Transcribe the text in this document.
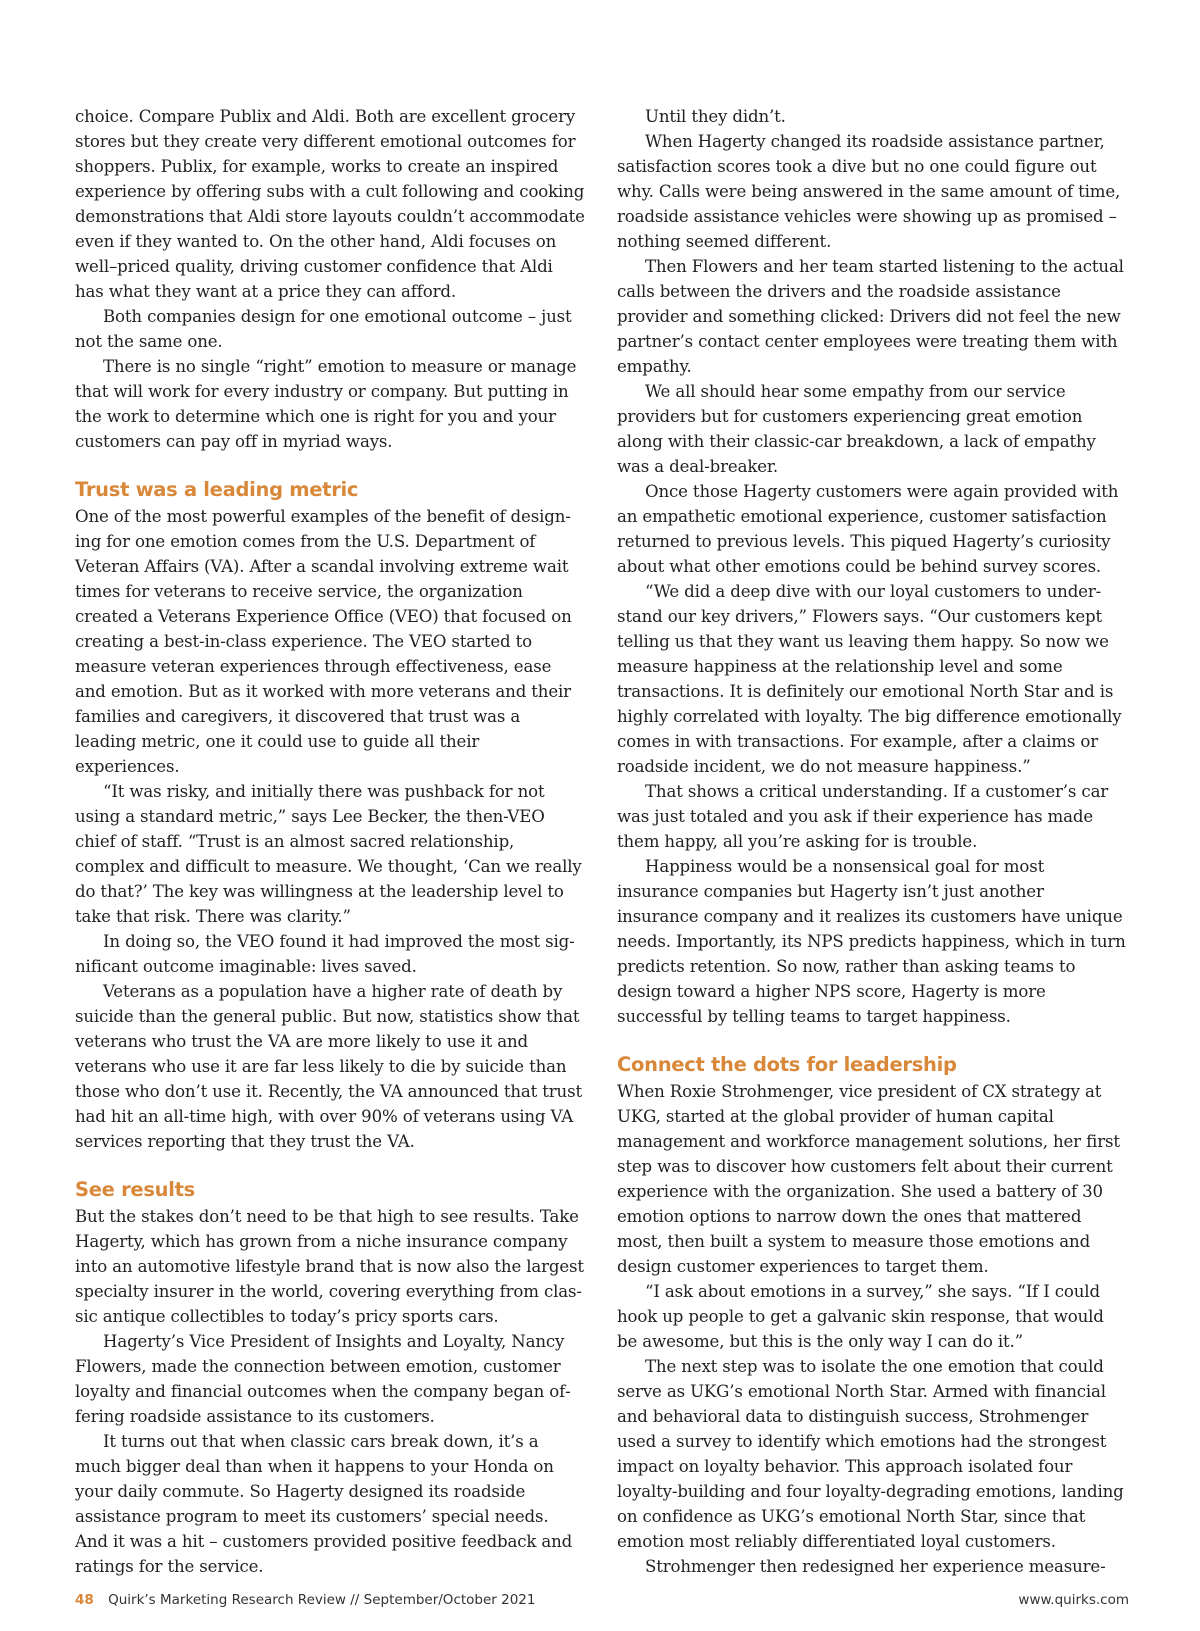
choice. Compare Publix and Aldi. Both are excellent grocery stores but they create very different emotional outcomes for shoppers. Publix, for example, works to create an inspired experience by offering subs with a cult following and cooking demonstrations that Aldi store layouts couldn’t accommodate even if they wanted to. On the other hand, Aldi focuses on well–priced quality, driving customer confidence that Aldi has what they want at a price they can afford.

Both companies design for one emotional outcome – just not the same one.

There is no single “right” emotion to measure or manage that will work for every industry or company. But putting in the work to determine which one is right for you and your customers can pay off in myriad ways.

Trust was a leading metric

One of the most powerful examples of the benefit of designing for one emotion comes from the U.S. Department of Veteran Affairs (VA). After a scandal involving extreme wait times for veterans to receive service, the organization created a Veterans Experience Office (VEO) that focused on creating a best-in-class experience. The VEO started to measure veteran experiences through effectiveness, ease and emotion. But as it worked with more veterans and their families and caregivers, it discovered that trust was a leading metric, one it could use to guide all their experiences.

“It was risky, and initially there was pushback for not using a standard metric,” says Lee Becker, the then-VEO chief of staff. “Trust is an almost sacred relationship, complex and difficult to measure. We thought, ‘Can we really do that?’ The key was willingness at the leadership level to take that risk. There was clarity.”

In doing so, the VEO found it had improved the most significant outcome imaginable: lives saved.

Veterans as a population have a higher rate of death by suicide than the general public. But now, statistics show that veterans who trust the VA are more likely to use it and veterans who use it are far less likely to die by suicide than those who don’t use it. Recently, the VA announced that trust had hit an all-time high, with over 90% of veterans using VA services reporting that they trust the VA.

See results

But the stakes don’t need to be that high to see results. Take Hagerty, which has grown from a niche insurance company into an automotive lifestyle brand that is now also the largest specialty insurer in the world, covering everything from classic antique collectibles to today’s pricy sports cars.

Hagerty’s Vice President of Insights and Loyalty, Nancy Flowers, made the connection between emotion, customer loyalty and financial outcomes when the company began offering roadside assistance to its customers.

It turns out that when classic cars break down, it’s a much bigger deal than when it happens to your Honda on your daily commute. So Hagerty designed its roadside assistance program to meet its customers’ special needs. And it was a hit – customers provided positive feedback and ratings for the service.

Until they didn’t.

When Hagerty changed its roadside assistance partner, satisfaction scores took a dive but no one could figure out why. Calls were being answered in the same amount of time, roadside assistance vehicles were showing up as promised – nothing seemed different.

Then Flowers and her team started listening to the actual calls between the drivers and the roadside assistance provider and something clicked: Drivers did not feel the new partner’s contact center employees were treating them with empathy.

We all should hear some empathy from our service providers but for customers experiencing great emotion along with their classic-car breakdown, a lack of empathy was a deal-breaker.

Once those Hagerty customers were again provided with an empathetic emotional experience, customer satisfaction returned to previous levels. This piqued Hagerty’s curiosity about what other emotions could be behind survey scores.

“We did a deep dive with our loyal customers to understand our key drivers,” Flowers says. “Our customers kept telling us that they want us leaving them happy. So now we measure happiness at the relationship level and some transactions. It is definitely our emotional North Star and is highly correlated with loyalty. The big difference emotionally comes in with transactions. For example, after a claims or roadside incident, we do not measure happiness.”

That shows a critical understanding. If a customer’s car was just totaled and you ask if their experience has made them happy, all you’re asking for is trouble.

Happiness would be a nonsensical goal for most insurance companies but Hagerty isn’t just another insurance company and it realizes its customers have unique needs. Importantly, its NPS predicts happiness, which in turn predicts retention. So now, rather than asking teams to design toward a higher NPS score, Hagerty is more successful by telling teams to target happiness.

Connect the dots for leadership

When Roxie Strohmenger, vice president of CX strategy at UKG, started at the global provider of human capital management and workforce management solutions, her first step was to discover how customers felt about their current experience with the organization. She used a battery of 30 emotion options to narrow down the ones that mattered most, then built a system to measure those emotions and design customer experiences to target them.

“I ask about emotions in a survey,” she says. “If I could hook up people to get a galvanic skin response, that would be awesome, but this is the only way I can do it.”

The next step was to isolate the one emotion that could serve as UKG’s emotional North Star. Armed with financial and behavioral data to distinguish success, Strohmenger used a survey to identify which emotions had the strongest impact on loyalty behavior. This approach isolated four loyalty-building and four loyalty-degrading emotions, landing on confidence as UKG’s emotional North Star, since that emotion most reliably differentiated loyal customers.

Strohmenger then redesigned her experience measure-

48 Quirk’s Marketing Research Review // September/October 2021	www.quirks.com
